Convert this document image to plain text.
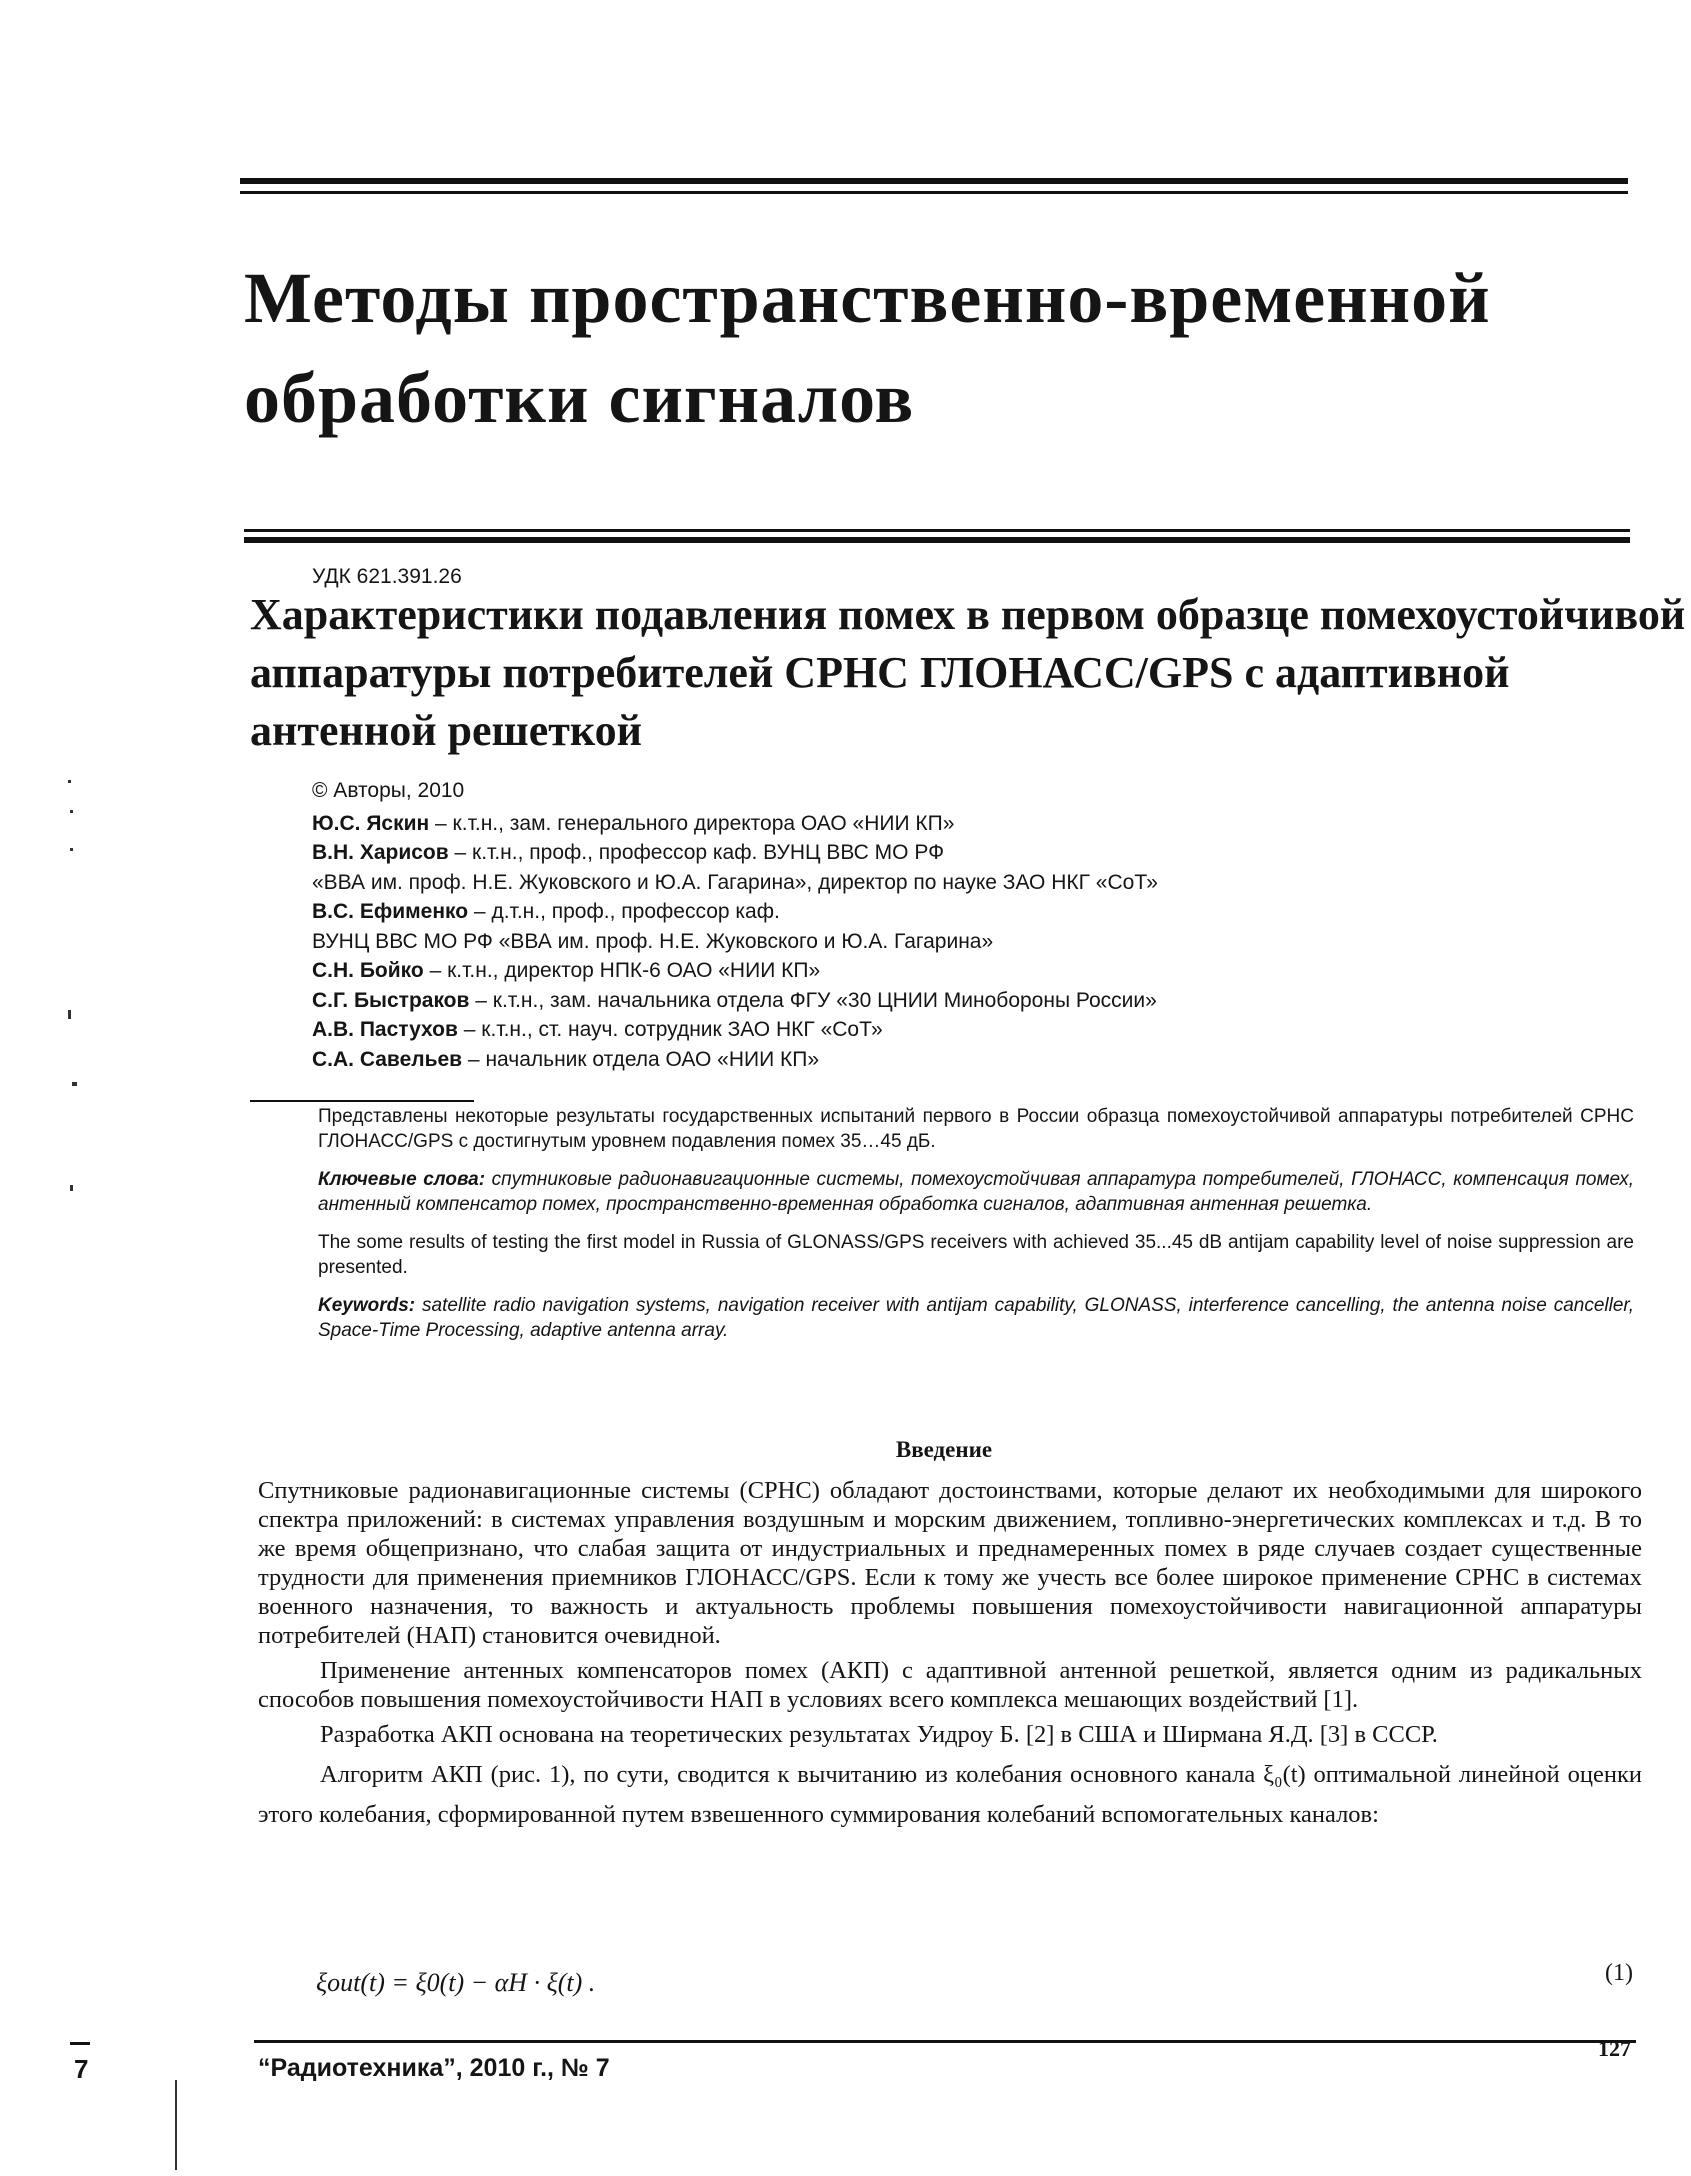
Методы пространственно-временной
обработки сигналов
УДК 621.391.26
Характеристики подавления помех в первом образце помехоустойчивой аппаратуры потребителей СРНС ГЛОНАСС/GPS с адаптивной антенной решеткой
© Авторы, 2010
Ю.С. Яскин – к.т.н., зам. генерального директора ОАО «НИИ КП»
В.Н. Харисов – к.т.н., проф., профессор каф. ВУНЦ ВВС МО РФ
«ВВА им. проф. Н.Е. Жуковского и Ю.А. Гагарина», директор по науке ЗАО НКГ «СоТ»
В.С. Ефименко – д.т.н., проф., профессор каф.
ВУНЦ ВВС МО РФ «ВВА им. проф. Н.Е. Жуковского и Ю.А. Гагарина»
С.Н. Бойко – к.т.н., директор НПК-6 ОАО «НИИ КП»
С.Г. Быстраков – к.т.н., зам. начальника отдела ФГУ «30 ЦНИИ Минобороны России»
А.В. Пастухов – к.т.н., ст. науч. сотрудник ЗАО НКГ «СоТ»
С.А. Савельев – начальник отдела ОАО «НИИ КП»

Представлены некоторые результаты государственных испытаний первого в России образца помехоустойчивой аппаратуры потребителей СРНС ГЛОНАСС/GPS с достигнутым уровнем подавления помех 35…45 дБ.

Ключевые слова: спутниковые радионавигационные системы, помехоустойчивая аппаратура потребителей, ГЛОНАСС, компенсация помех, антенный компенсатор помех, пространственно-временная обработка сигналов, адаптивная антенная решетка.

The some results of testing the first model in Russia of GLONASS/GPS receivers with achieved 35...45 dB antijam capability level of noise suppression are presented.

Keywords: satellite radio navigation systems, navigation receiver with antijam capability, GLONASS, interference cancelling, the antenna noise canceller, Space-Time Processing, adaptive antenna array.

Введение

Спутниковые радионавигационные системы (СРНС) обладают достоинствами, которые делают их необходимыми для широкого спектра приложений: в системах управления воздушным и морским движением, топливно-энергетических комплексах и т.д. В то же время общепризнано, что слабая защита от индустриальных и преднамеренных помех в ряде случаев создает существенные трудности для применения приемников ГЛОНАСС/GPS. Если к тому же учесть все более широкое применение СРНС в системах военного назначения, то важность и актуальность проблемы повышения помехоустойчивости навигационной аппаратуры потребителей (НАП) становится очевидной.

Применение антенных компенсаторов помех (АКП) с адаптивной антенной решеткой, является одним из радикальных способов повышения помехоустойчивости НАП в условиях всего комплекса мешающих воздействий [1].

Разработка АКП основана на теоретических результатах Уидроу Б. [2] в США и Ширмана Я.Д. [3] в СССР.

Алгоритм АКП (рис. 1), по сути, сводится к вычитанию из колебания основного канала ξ₀(t) оптимальной линейной оценки этого колебания, сформированной путем взвешенного суммирования колебаний вспомогательных каналов:

ξout(t) = ξ0(t) − αH · ξ(t) .	(1)
“Радиотехника”, 2010 г., № 7
127
7
